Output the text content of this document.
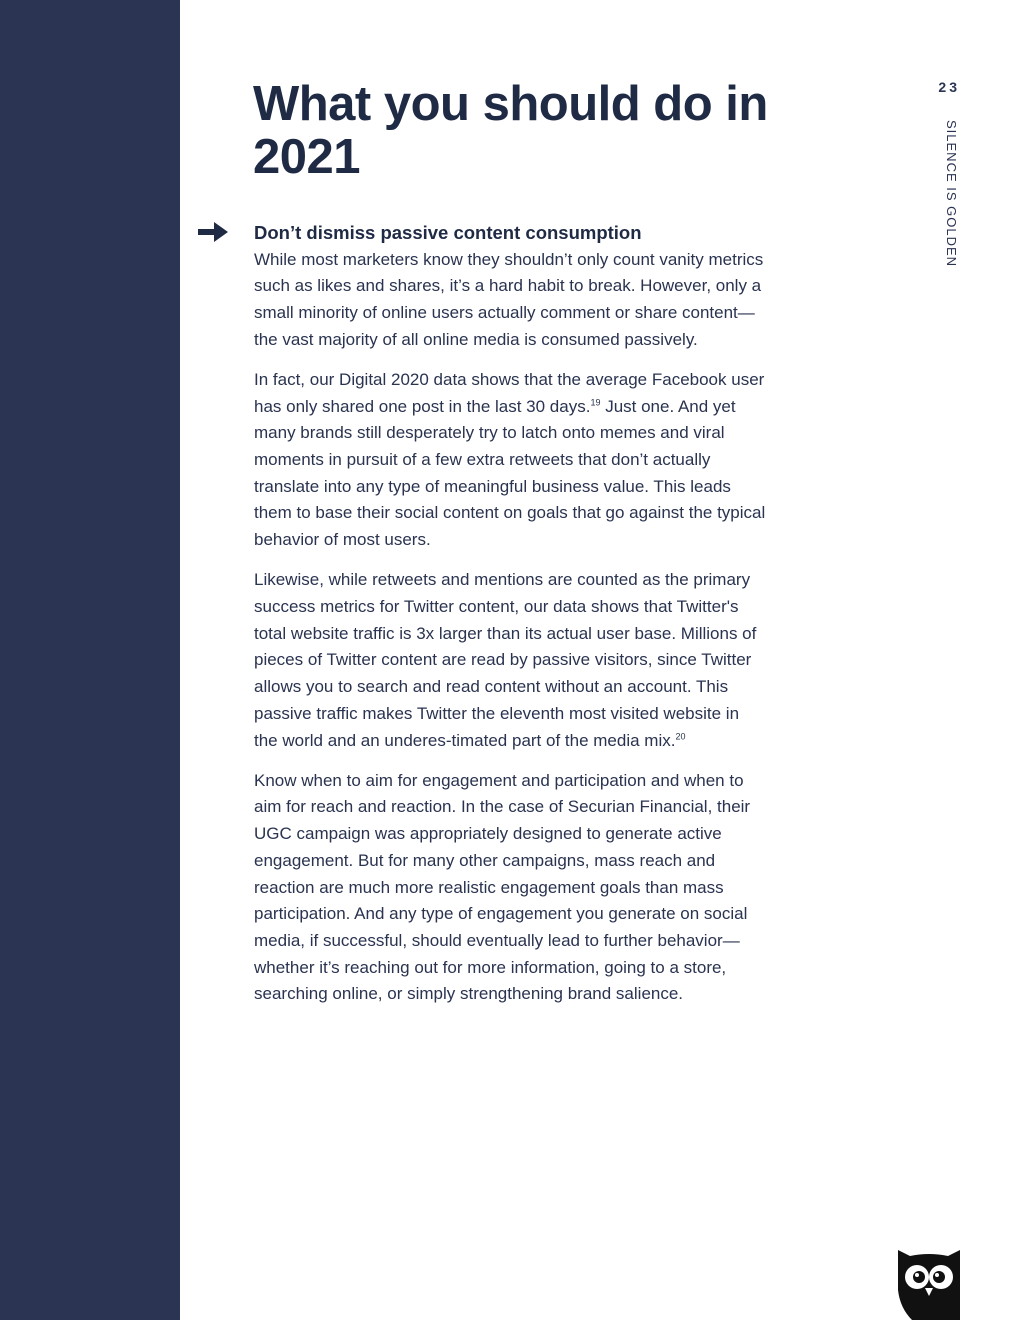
23
SILENCE IS GOLDEN
What you should do in 2021
Don’t dismiss passive content consumption

While most marketers know they shouldn’t only count vanity metrics such as likes and shares, it’s a hard habit to break. However, only a small minority of online users actually comment or share content—the vast majority of all online media is consumed passively.

In fact, our Digital 2020 data shows that the average Facebook user has only shared one post in the last 30 days.$^{19}$ Just one. And yet many brands still desperately try to latch onto memes and viral moments in pursuit of a few extra retweets that don’t actually translate into any type of meaningful business value. This leads them to base their social content on goals that go against the typical behavior of most users.

Likewise, while retweets and mentions are counted as the primary success metrics for Twitter content, our data shows that Twitter's total website traffic is 3x larger than its actual user base. Millions of pieces of Twitter content are read by passive visitors, since Twitter allows you to search and read content without an account. This passive traffic makes Twitter the eleventh most visited website in the world and an underes-timated part of the media mix.$^{20}$

Know when to aim for engagement and participation and when to aim for reach and reaction. In the case of Securian Financial, their UGC campaign was appropriately designed to generate active engagement. But for many other campaigns, mass reach and reaction are much more realistic engagement goals than mass participation. And any type of engagement you generate on social media, if successful, should eventually lead to further behavior—whether it’s reaching out for more information, going to a store, searching online, or simply strengthening brand salience.
